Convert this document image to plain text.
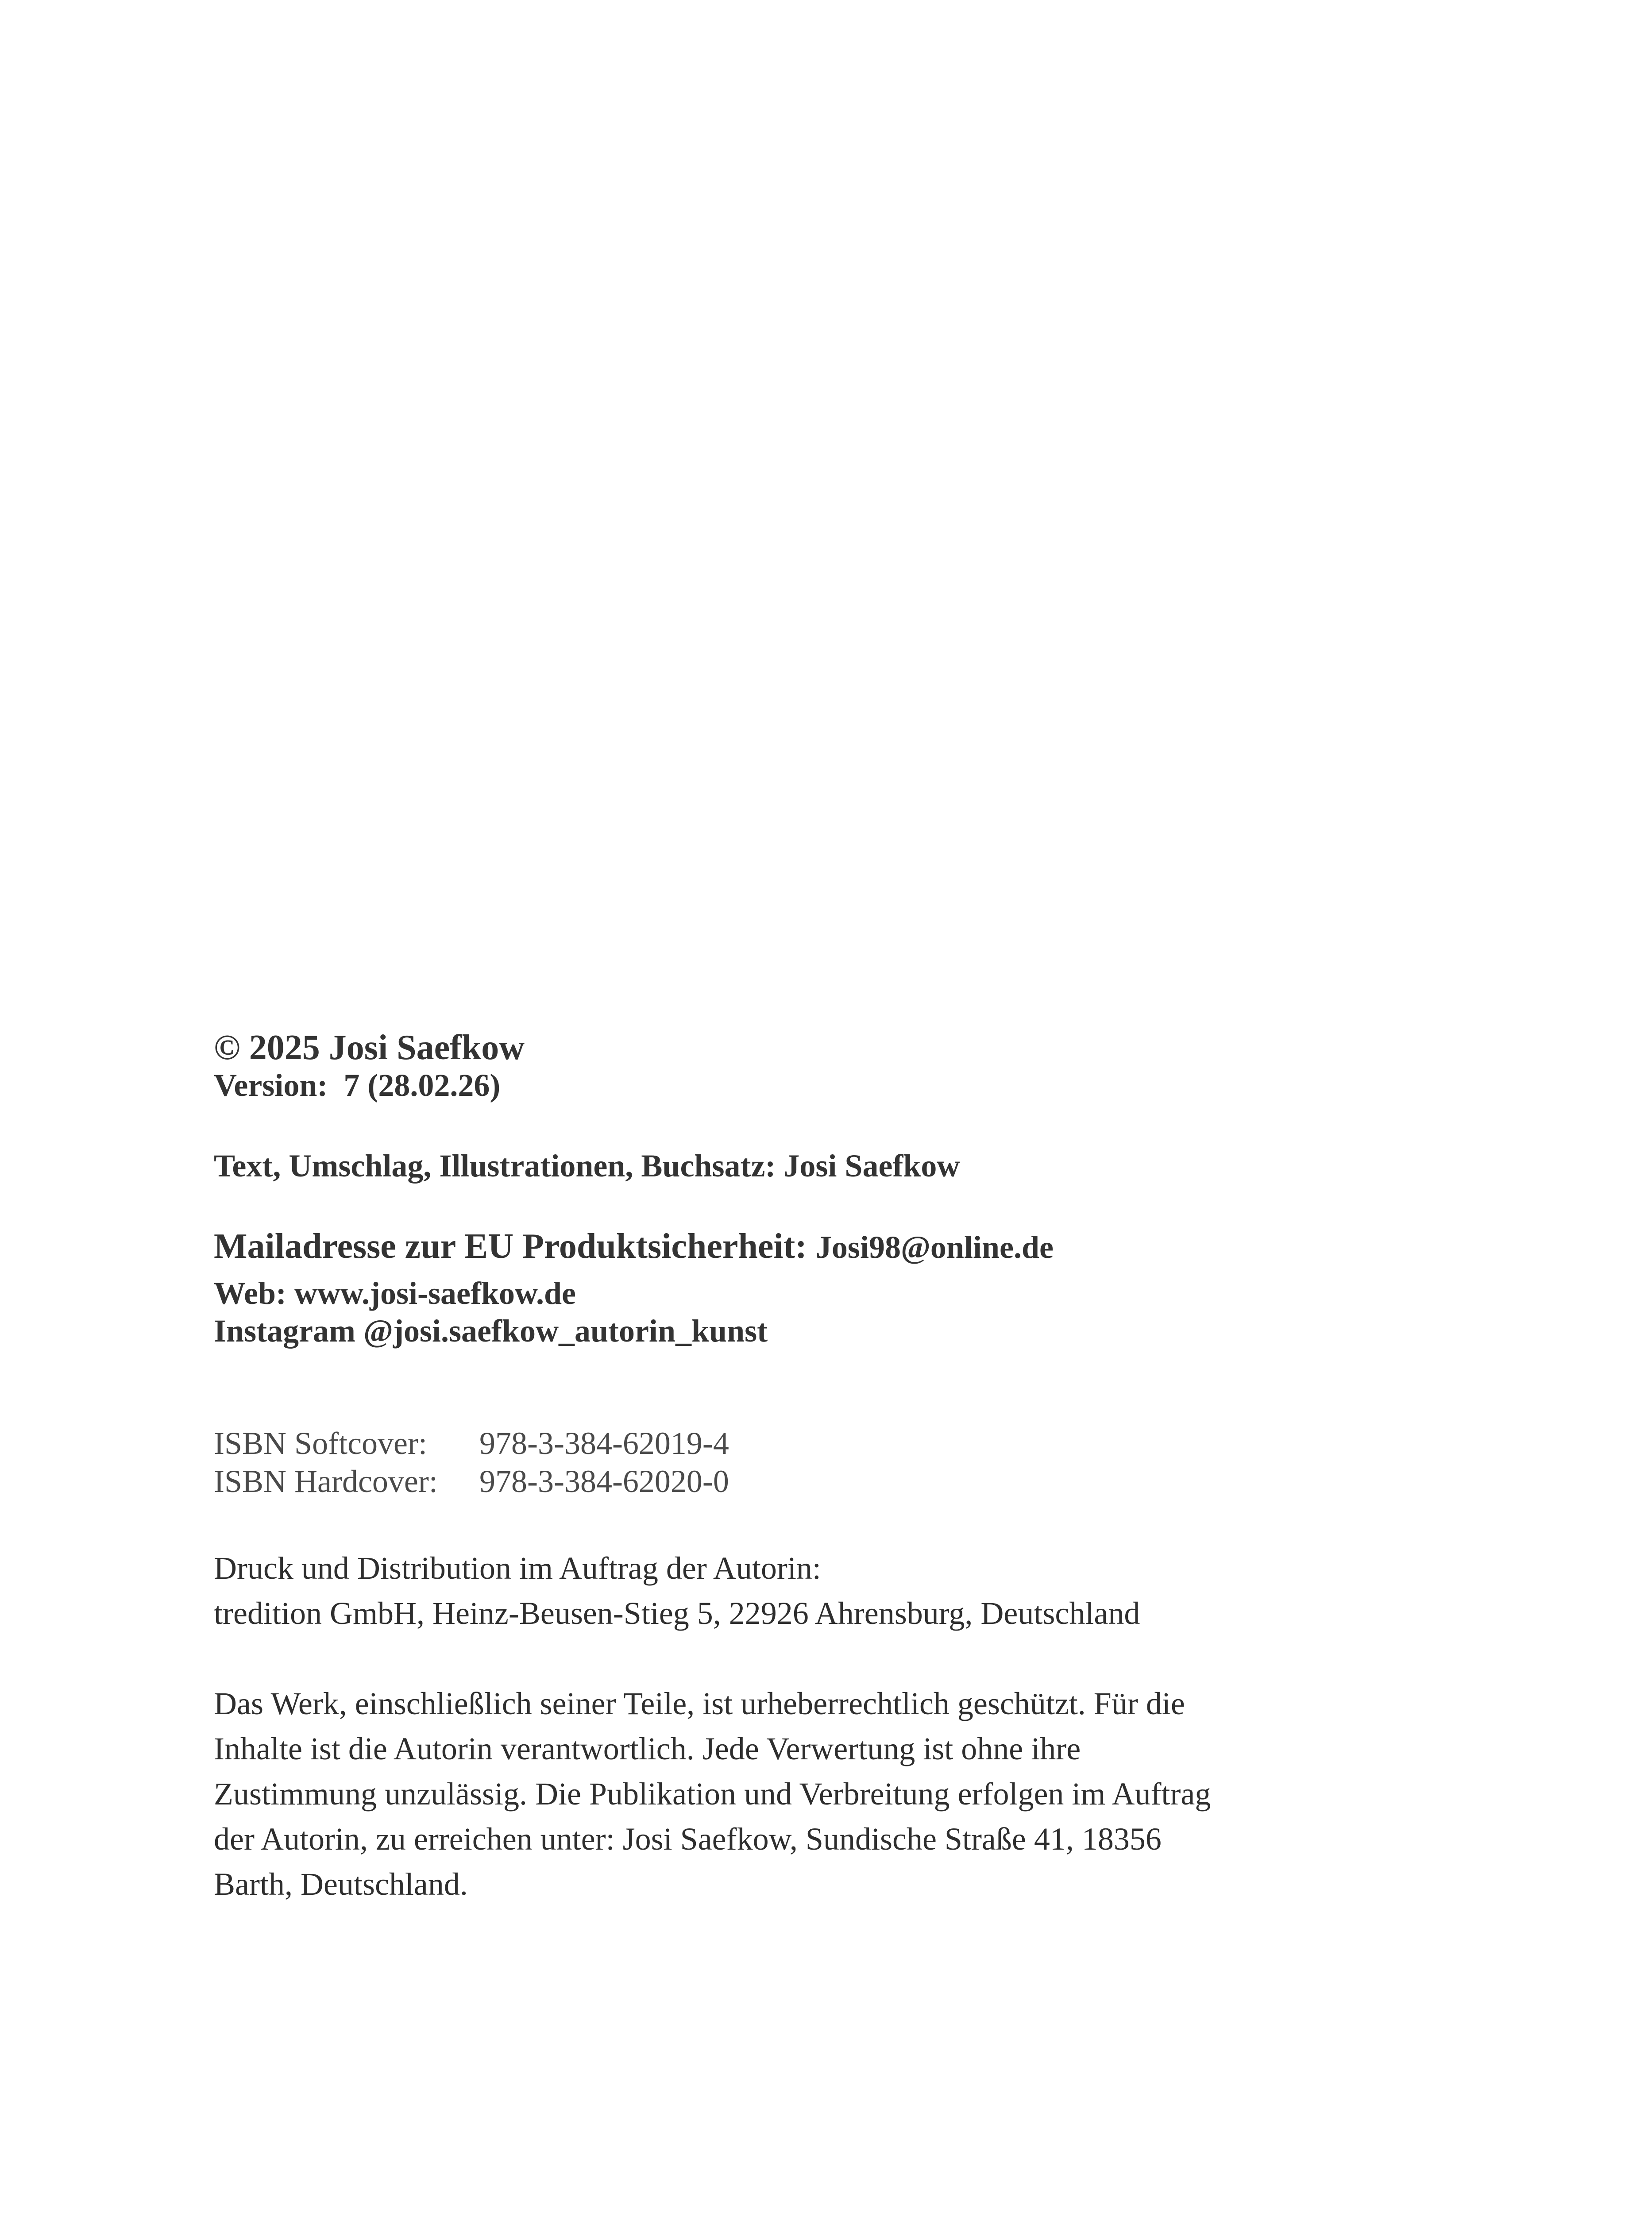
© 2025 Josi Saefkow
Version:  7 (28.02.26)
Text, Umschlag, Illustrationen, Buchsatz: Josi Saefkow
Mailadresse zur EU Produktsicherheit: Josi98@online.de
Web: www.josi-saefkow.de
Instagram @josi.saefkow_autorin_kunst
ISBN Softcover: 978-3-384-62019-4
ISBN Hardcover: 978-3-384-62020-0
Druck und Distribution im Auftrag der Autorin:
tredition GmbH, Heinz-Beusen-Stieg 5, 22926 Ahrensburg, Deutschland
Das Werk, einschließlich seiner Teile, ist urheberrechtlich geschützt. Für die
Inhalte ist die Autorin verantwortlich. Jede Verwertung ist ohne ihre
Zustimmung unzulässig. Die Publikation und Verbreitung erfolgen im Auftrag
der Autorin, zu erreichen unter: Josi Saefkow, Sundische Straße 41, 18356
Barth, Deutschland.
